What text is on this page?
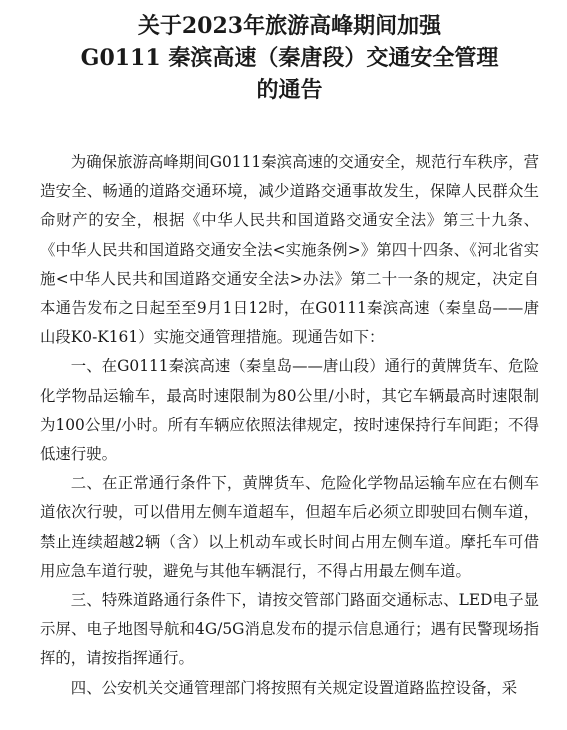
关于2023年旅游高峰期间加强
G0111 秦滨高速（秦唐段）交通安全管理
的通告

为确保旅游高峰期间G0111秦滨高速的交通安全，规范行车秩序，营造安全、畅通的道路交通环境，减少道路交通事故发生，保障人民群众生命财产的安全，根据《中华人民共和国道路交通安全法》第三十九条、《中华人民共和国道路交通安全法<实施条例>》第四十四条、《河北省实施<中华人民共和国道路交通安全法>办法》第二十一条的规定，决定自本通告发布之日起至至9月1日12时，在G0111秦滨高速（秦皇岛——唐山段K0-K161）实施交通管理措施。现通告如下：

一、在G0111秦滨高速（秦皇岛——唐山段）通行的黄牌货车、危险化学物品运输车，最高时速限制为80公里/小时，其它车辆最高时速限制为100公里/小时。所有车辆应依照法律规定，按时速保持行车间距；不得低速行驶。

二、在正常通行条件下，黄牌货车、危险化学物品运输车应在右侧车道依次行驶，可以借用左侧车道超车，但超车后必须立即驶回右侧车道，禁止连续超越2辆（含）以上机动车或长时间占用左侧车道。摩托车可借用应急车道行驶，避免与其他车辆混行，不得占用最左侧车道。

三、特殊道路通行条件下，请按交管部门路面交通标志、LED电子显示屏、电子地图导航和4G/5G消息发布的提示信息通行；遇有民警现场指挥的，请按指挥通行。

四、公安机关交通管理部门将按照有关规定设置道路监控设备，采
